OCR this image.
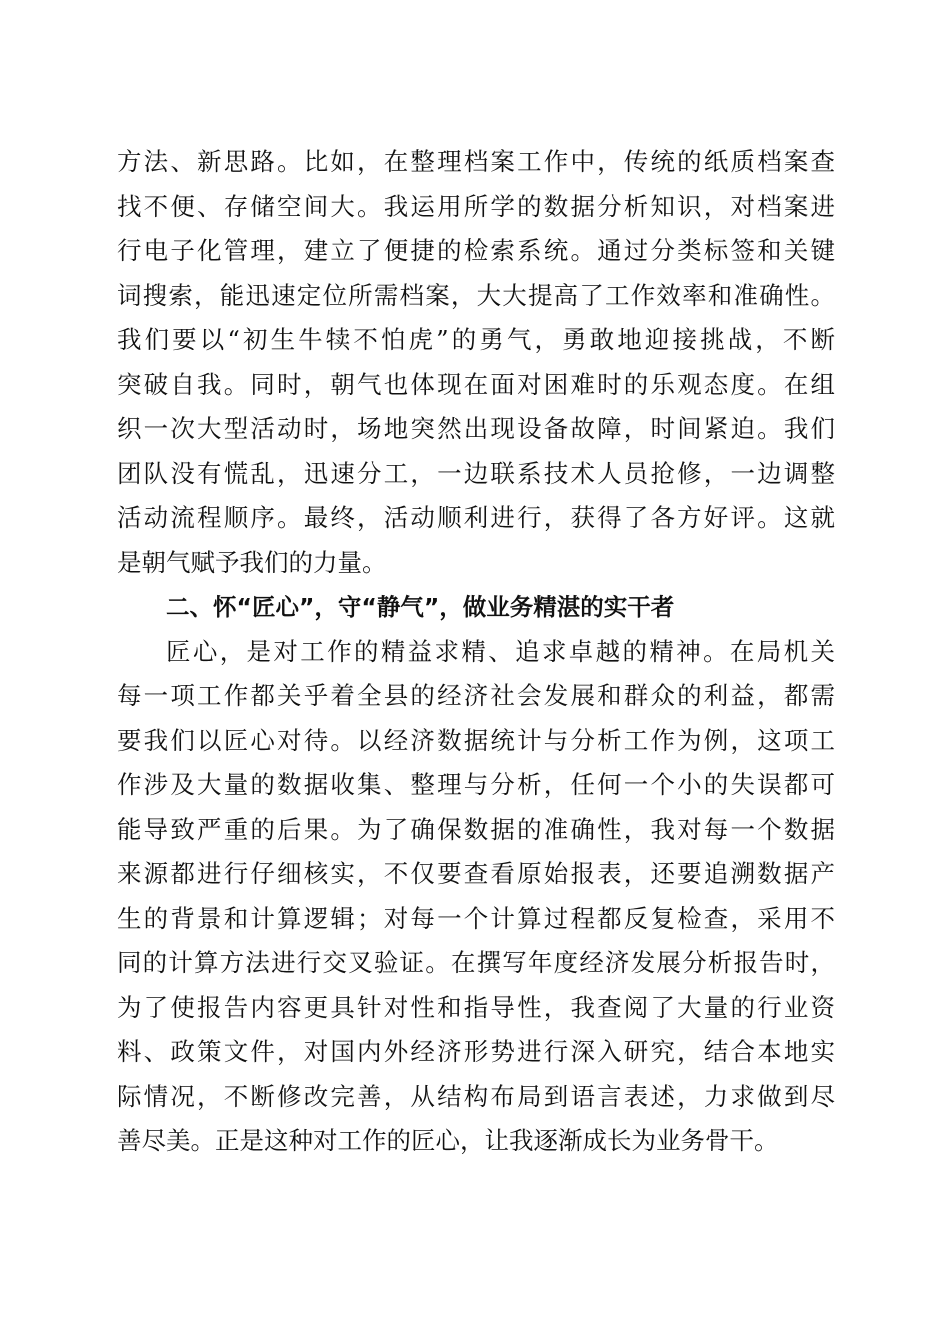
方法、新思路。比如，在整理档案工作中，传统的纸质档案查
找不便、存储空间大。我运用所学的数据分析知识，对档案进
行电子化管理，建立了便捷的检索系统。通过分类标签和关键
词搜索，能迅速定位所需档案，大大提高了工作效率和准确性。
我们要以“初生牛犊不怕虎”的勇气，勇敢地迎接挑战，不断
突破自我。同时，朝气也体现在面对困难时的乐观态度。在组
织一次大型活动时，场地突然出现设备故障，时间紧迫。我们
团队没有慌乱，迅速分工，一边联系技术人员抢修，一边调整
活动流程顺序。最终，活动顺利进行，获得了各方好评。这就
是朝气赋予我们的力量。
二、怀“匠心”，守“静气”，做业务精湛的实干者
匠心，是对工作的精益求精、追求卓越的精神。在局机关
每一项工作都关乎着全县的经济社会发展和群众的利益，都需
要我们以匠心对待。以经济数据统计与分析工作为例，这项工
作涉及大量的数据收集、整理与分析，任何一个小的失误都可
能导致严重的后果。为了确保数据的准确性，我对每一个数据
来源都进行仔细核实，不仅要查看原始报表，还要追溯数据产
生的背景和计算逻辑；对每一个计算过程都反复检查，采用不
同的计算方法进行交叉验证。在撰写年度经济发展分析报告时，
为了使报告内容更具针对性和指导性，我查阅了大量的行业资
料、政策文件，对国内外经济形势进行深入研究，结合本地实
际情况，不断修改完善，从结构布局到语言表述，力求做到尽
善尽美。正是这种对工作的匠心，让我逐渐成长为业务骨干。
